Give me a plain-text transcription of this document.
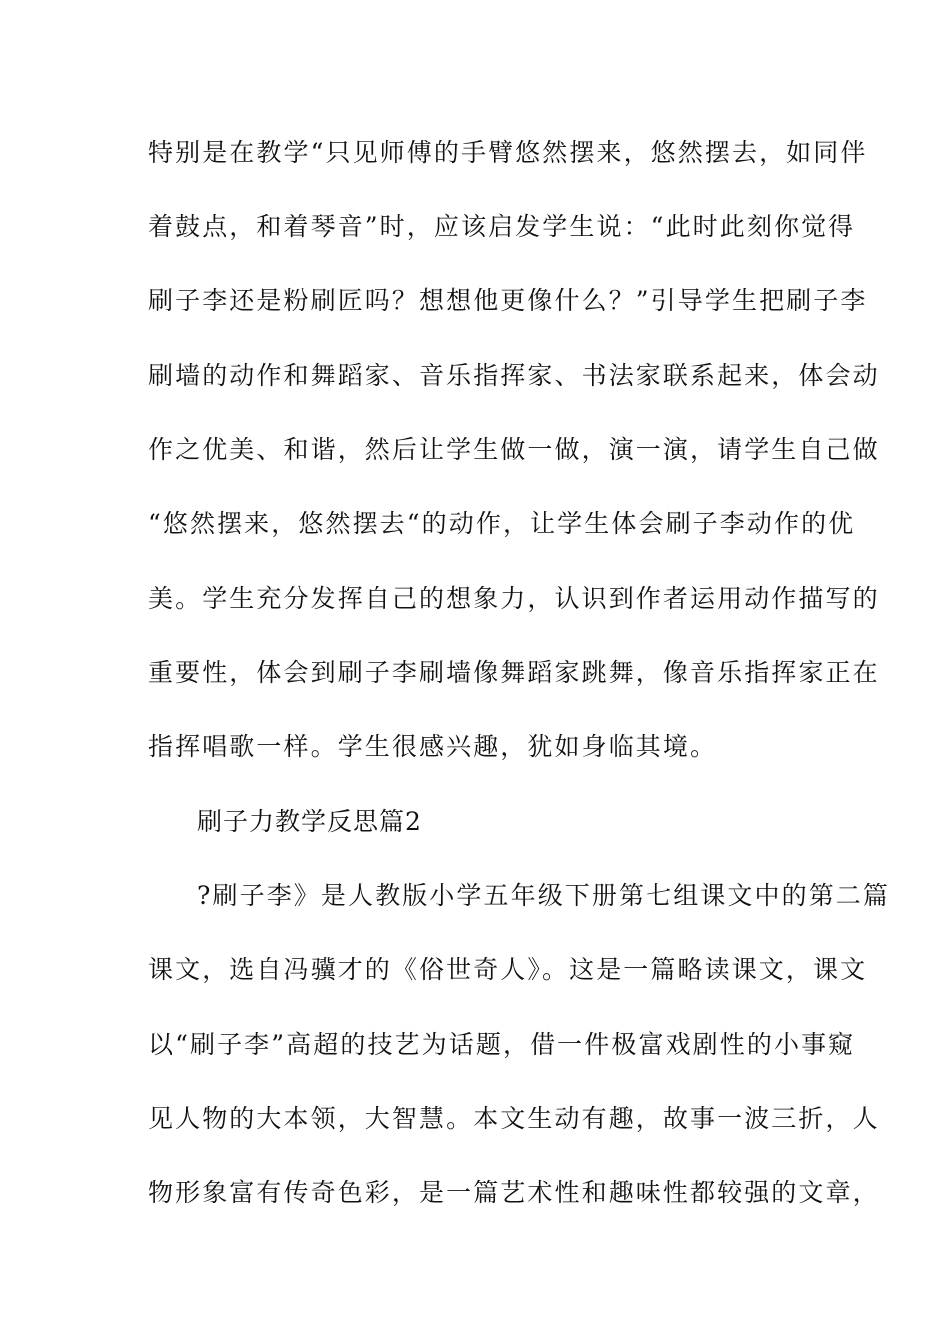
特别是在教学“只见师傅的手臂悠然摆来，悠然摆去，如同伴
着鼓点，和着琴音”时，应该启发学生说：“此时此刻你觉得
刷子李还是粉刷匠吗？想想他更像什么？”引导学生把刷子李
刷墙的动作和舞蹈家、音乐指挥家、书法家联系起来，体会动
作之优美、和谐，然后让学生做一做，演一演，请学生自己做
“悠然摆来，悠然摆去“的动作，让学生体会刷子李动作的优
美。学生充分发挥自己的想象力，认识到作者运用动作描写的
重要性，体会到刷子李刷墙像舞蹈家跳舞，像音乐指挥家正在
指挥唱歌一样。学生很感兴趣，犹如身临其境。
刷子力教学反思篇2
?刷子李》是人教版小学五年级下册第七组课文中的第二篇
课文，选自冯骥才的《俗世奇人》。这是一篇略读课文，课文
以“刷子李”高超的技艺为话题，借一件极富戏剧性的小事窥
见人物的大本领，大智慧。本文生动有趣，故事一波三折，人
物形象富有传奇色彩，是一篇艺术性和趣味性都较强的文章，
